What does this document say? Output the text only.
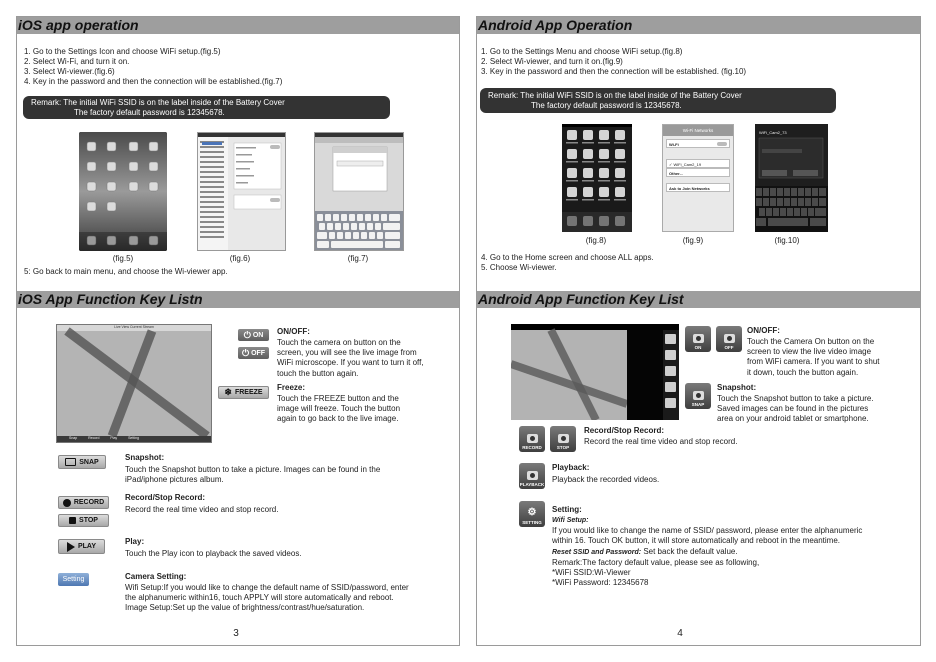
iOS app operation
1. Go to the Settings Icon and choose WiFi setup.(fig.5)
2. Select Wi-Fi, and turn it on.
3. Select Wi-viewer.(fig.6)
4. Key in the password and then the connection will be established.(fig.7)
Remark: The initial WiFi SSID is on the label inside of the Battery Cover
The factory default password is 12345678.
(fig.5)	(fig.6)	(fig.7)
5: Go back to main menu, and choose the Wi-viewer app.
iOS App Function Key Listn
Live View Current Stream
Snap	Record	Play	Setting
⏻ ON
⏻ OFF
ON/OFF:
Touch the camera on button on the
screen, you will see the live image from
WiFi microscope. If you want to turn it off,
touch the button again.
❄ FREEZE
Freeze:
Touch the FREEZE button and the
image will freeze. Touch the button
again to go back to the live image.
SNAP	Snapshot:
Touch the Snapshot button to take a picture. Images can be found in the
iPad/iphone pictures album.
RECORD
STOP
Record/Stop Record:
Record the real time video and stop record.
PLAY
Play:
Touch the Play icon to playback the saved videos.
Setting	Camera Setting:
Wifi Setup:If you would like to change the default name of SSID/password, enter
the alphanumeric within16, touch APPLY will store automatically and reboot.
Image Setup:Set up the value of brightness/contrast/hue/saturation.
3
Android App Operation
1. Go to the Settings Menu and choose WiFi setup.(fig.8)
2. Select Wi-viewer, and turn it on.(fig.9)
3. Key in the password and then the connection will be established. (fig.10)
Remark: The initial WiFi SSID is on the label inside of the Battery Cover
The factory default password is 12345678.
Wi-Fi Networks
Wi-Fi
✓ WiFi_Cam2_19
Other...
Ask to Join Networks
WiFi_Cam2_73
(fig.8)	(fig.9)	(fig.10)
4. Go to the Home screen and choose ALL apps.
5. Choose Wi-viewer.
Android App Function Key List
ON	OFF
ON/OFF:
Touch the Camera On button on the
screen to view the live video image
from WiFi camera. If you want to shut
it down, touch the button again.
SNAP
Snapshot:
Touch the Snapshot button to take a picture.
Saved images can be found in the pictures
area on your android tablet or smartphone.
RECORD	STOP
Record/Stop Record:
Record the real time video and stop record.
PLAYBACK
Playback:
Playback the recorded videos.
⚙
SETTING
Setting:
Wifi Setup:
If you would like to change the name of SSID/ password, please enter the alphanumeric
within 16. Touch OK button, it will store automatically and reboot in the meantime.
Reset SSID and Password: Set back the default value.
Remark:The factory default value, please see as following,
*WiFi SSID:Wi-Viewer
*WiFi Password: 12345678
4
